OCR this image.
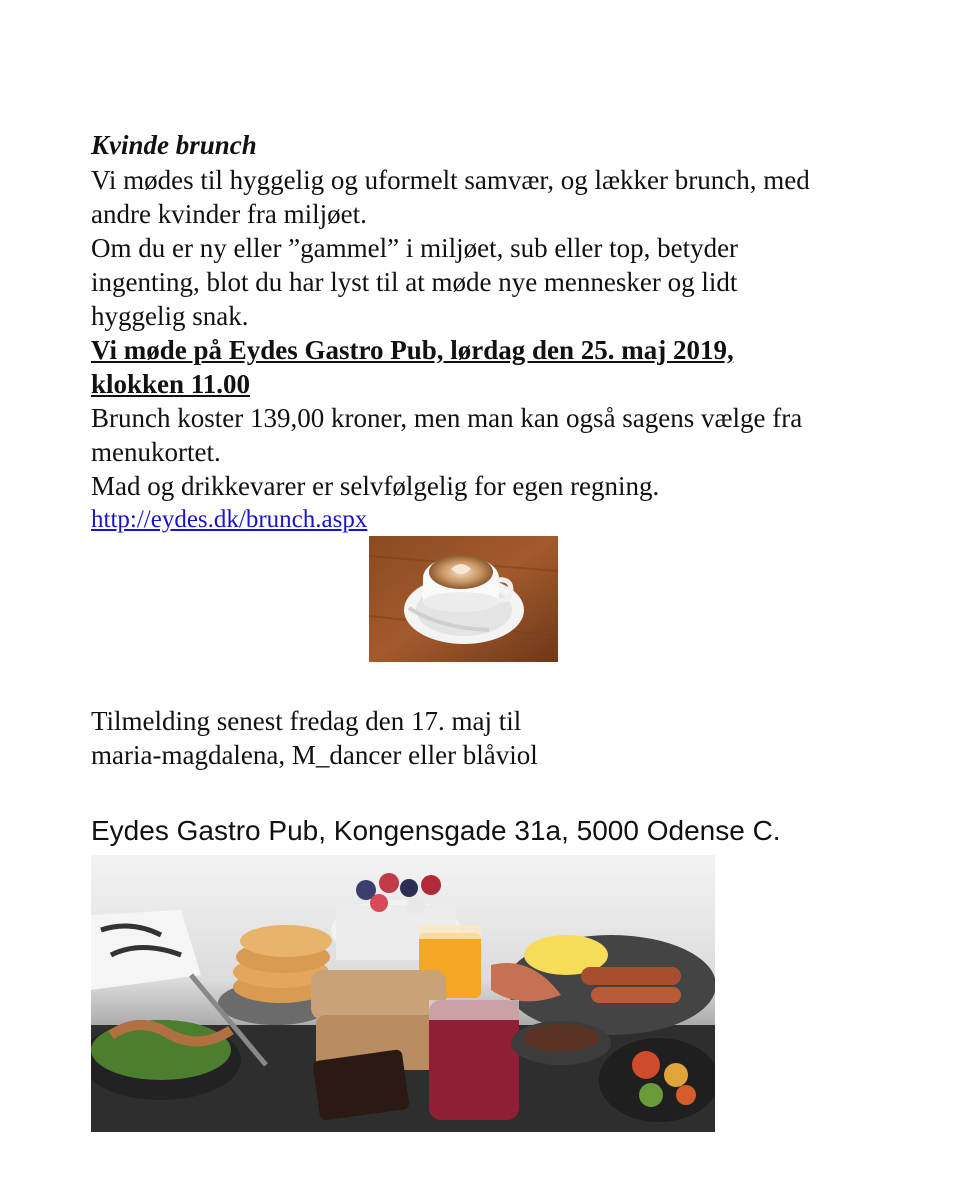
Kvinde brunch

Vi mødes til hyggelig og uformelt samvær, og lækker brunch, med

andre kvinder fra miljøet.

Om du er ny eller ”gammel” i miljøet, sub eller top, betyder

ingenting, blot du har lyst til at møde nye mennesker og lidt

hyggelig snak.

Vi møde på Eydes Gastro Pub, lørdag den 25. maj 2019,

klokken 11.00

Brunch koster 139,00 kroner, men man kan også sagens vælge fra

menukortet.

Mad og drikkevarer er selvfølgelig for egen regning.

http://eydes.dk/brunch.aspx

Tilmelding senest fredag den 17. maj til

maria-magdalena, M_dancer eller blåviol

Eydes Gastro Pub, Kongensgade 31a, 5000 Odense C.
